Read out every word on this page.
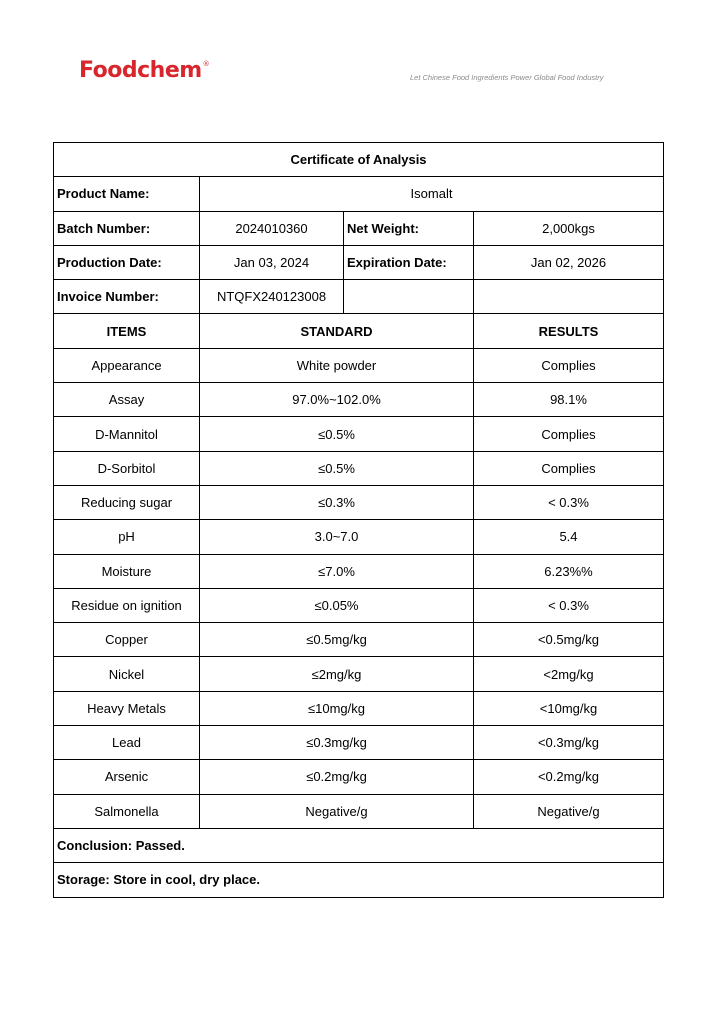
Foodchem®
Let Chinese Food Ingredients Power Global Food Industry
Certificate of Analysis			
Product Name:	Isomalt		
Batch Number:	2024010360	Net Weight:	2,000kgs
Production Date:	Jan 03, 2024	Expiration Date:	Jan 02, 2026
Invoice Number:	NTQFX240123008		
ITEMS	STANDARD		RESULTS
Appearance	White powder		Complies
Assay	97.0%~102.0%		98.1%
D-Mannitol	≤0.5%		Complies
D-Sorbitol	≤0.5%		Complies
Reducing sugar	≤0.3%		< 0.3%
pH	3.0~7.0		5.4
Moisture	≤7.0%		6.23%%
Residue on ignition	≤0.05%		< 0.3%
Copper	≤0.5mg/kg		<0.5mg/kg
Nickel	≤2mg/kg		<2mg/kg
Heavy Metals	≤10mg/kg		<10mg/kg
Lead	≤0.3mg/kg		<0.3mg/kg
Arsenic	≤0.2mg/kg		<0.2mg/kg
Salmonella	Negative/g		Negative/g
Conclusion: Passed.			
Storage: Store in cool, dry place.			
